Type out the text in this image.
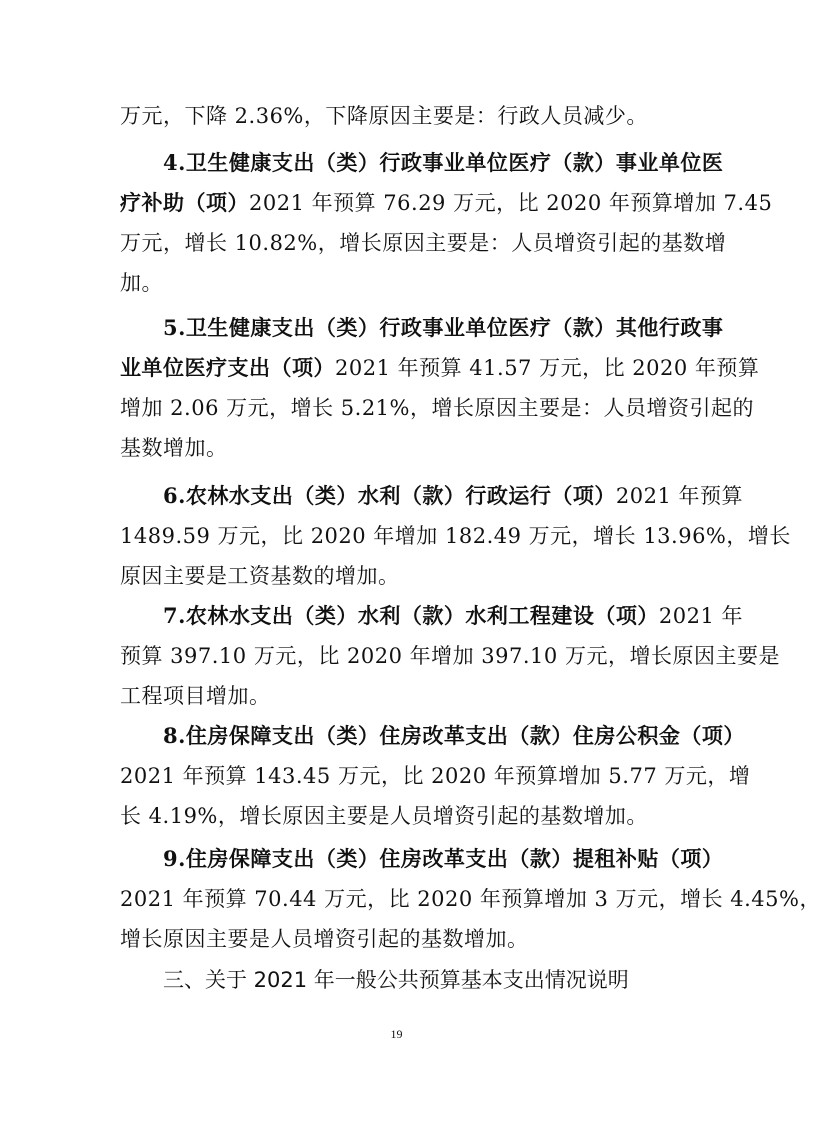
万元，下降 2.36%，下降原因主要是：行政人员减少。
4.卫生健康支出（类）行政事业单位医疗（款）事业单位医
疗补助（项）2021 年预算 76.29 万元，比 2020 年预算增加 7.45
万元，增长 10.82%，增长原因主要是：人员增资引起的基数增
加。
5.卫生健康支出（类）行政事业单位医疗（款）其他行政事
业单位医疗支出（项）2021 年预算 41.57 万元，比 2020 年预算
增加 2.06 万元，增长 5.21%，增长原因主要是：人员增资引起的
基数增加。
6.农林水支出（类）水利（款）行政运行（项）2021 年预算
1489.59 万元，比 2020 年增加 182.49 万元，增长 13.96%，增长
原因主要是工资基数的增加。
7.农林水支出（类）水利（款）水利工程建设（项）2021 年
预算 397.10 万元，比 2020 年增加 397.10 万元，增长原因主要是
工程项目增加。
8.住房保障支出（类）住房改革支出（款）住房公积金（项）
2021 年预算 143.45 万元，比 2020 年预算增加 5.77 万元，增
长 4.19%，增长原因主要是人员增资引起的基数增加。
9.住房保障支出（类）住房改革支出（款）提租补贴（项）
2021 年预算 70.44 万元，比 2020 年预算增加 3 万元，增长 4.45%，
增长原因主要是人员增资引起的基数增加。
三、关于 2021 年一般公共预算基本支出情况说明
19
